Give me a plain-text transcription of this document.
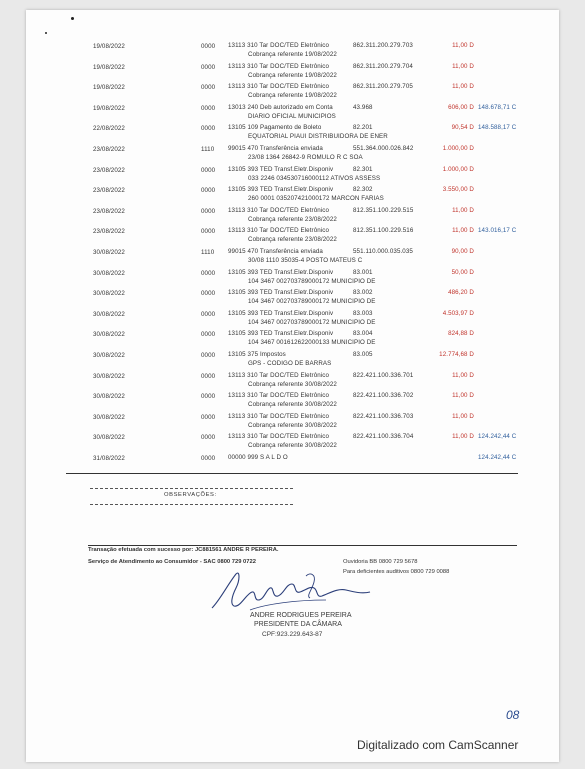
19/08/2022	0000 13113 310 Tar DOC/TED Eletrônico	862.311.200.279.703	11,00 D
Cobrança referente 19/08/2022
19/08/2022	0000 13113 310 Tar DOC/TED Eletrônico	862.311.200.279.704	11,00 D
Cobrança referente 19/08/2022
19/08/2022	0000 13113 310 Tar DOC/TED Eletrônico	862.311.200.279.705	11,00 D
Cobrança referente 19/08/2022
19/08/2022	0000 13013 240 Deb autorizado em Conta	43.968	606,00 D 148.678,71 C
DIARIO OFICIAL MUNICIPIOS
22/08/2022	0000 13105 109 Pagamento de Boleto	82.201	90,54 D 148.588,17 C
EQUATORIAL PIAUI DISTRIBUIDORA DE ENER
23/08/2022	1110 99015 470 Transferência enviada	551.364.000.026.842	1.000,00 D
23/08 1364 26842-9 ROMULO R C SOA
23/08/2022	0000 13105 393 TED Transf.Eletr.Disponiv	82.301	1.000,00 D
033 2246 034530716000112 ATIVOS ASSESS
23/08/2022	0000 13105 393 TED Transf.Eletr.Disponiv	82.302	3.550,00 D
260 0001 035207421000172 MARCON FARIAS
23/08/2022	0000 13113 310 Tar DOC/TED Eletrônico	812.351.100.229.515	11,00 D
Cobrança referente 23/08/2022
23/08/2022	0000 13113 310 Tar DOC/TED Eletrônico	812.351.100.229.516	11,00 D 143.016,17 C
Cobrança referente 23/08/2022
30/08/2022	1110 99015 470 Transferência enviada	551.110.000.035.035	90,00 D
30/08 1110 35035-4 POSTO MATEUS C
30/08/2022	0000 13105 393 TED Transf.Eletr.Disponiv	83.001	50,00 D
104 3467 002703789000172 MUNICIPIO DE
30/08/2022	0000 13105 393 TED Transf.Eletr.Disponiv	83.002	486,20 D
104 3467 002703789000172 MUNICIPIO DE
30/08/2022	0000 13105 393 TED Transf.Eletr.Disponiv	83.003	4.503,97 D
104 3467 002703789000172 MUNICIPIO DE
30/08/2022	0000 13105 393 TED Transf.Eletr.Disponiv	83.004	824,88 D
104 3467 001612622000133 MUNICIPIO DE
30/08/2022	0000 13105 375 Impostos	83.005	12.774,68 D
GPS - CODIGO DE BARRAS
30/08/2022	0000 13113 310 Tar DOC/TED Eletrônico	822.421.100.336.701	11,00 D
Cobrança referente 30/08/2022
30/08/2022	0000 13113 310 Tar DOC/TED Eletrônico	822.421.100.336.702	11,00 D
Cobrança referente 30/08/2022
30/08/2022	0000 13113 310 Tar DOC/TED Eletrônico	822.421.100.336.703	11,00 D
Cobrança referente 30/08/2022
30/08/2022	0000 13113 310 Tar DOC/TED Eletrônico	822.421.100.336.704	11,00 D 124.242,44 C
Cobrança referente 30/08/2022
31/08/2022	0000 00000 999 S A L D O	124.242,44 C
OBSERVAÇÕES:
Transação efetuada com sucesso por: JC881561 ANDRE R PEREIRA.
Serviço de Atendimento ao Consumidor - SAC 0800 729 0722	Ouvidoria BB 0800 729 5678
Para deficientes auditivos 0800 729 0088
ANDRE RODRIGUES PEREIRA
PRESIDENTE DA CÂMARA
CPF:923.229.643-87
08
Digitalizado com CamScanner
